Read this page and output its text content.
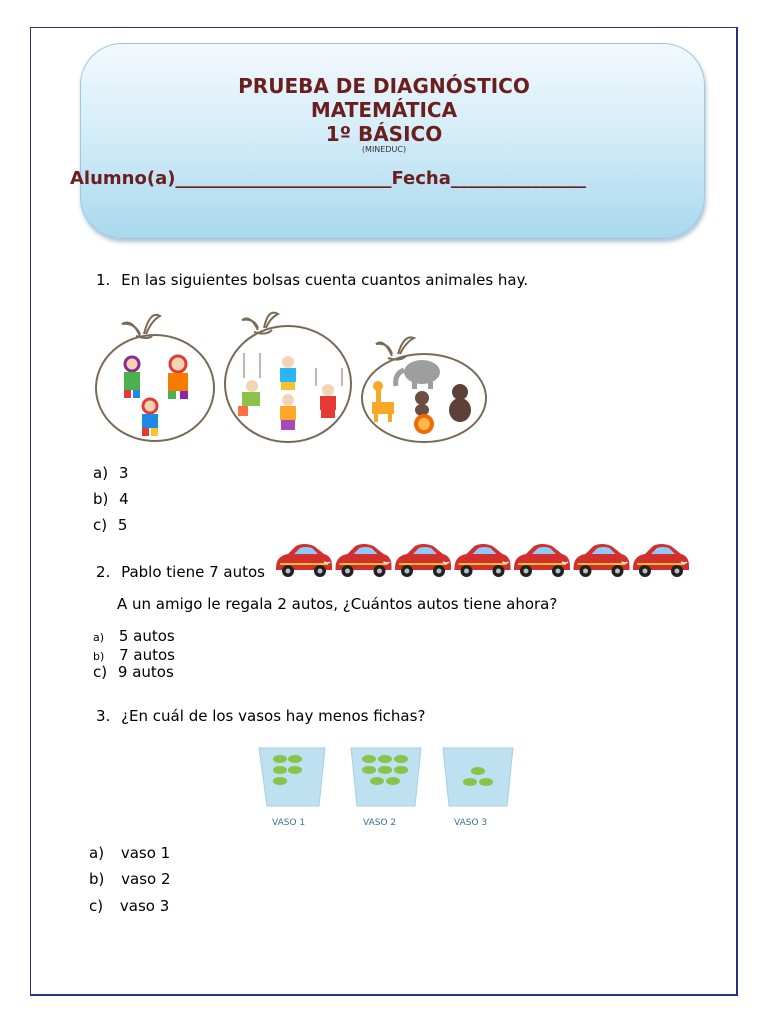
PRUEBA DE DIAGNÓSTICO
MATEMÁTICA
1º BÁSICO
(MINEDUC)
Alumno(a)________________________Fecha_______________
1. En las siguientes bolsas cuenta cuantos animales hay.
a) 3
b) 4
c) 5
2. Pablo tiene 7 autos
A un amigo le regala 2 autos, ¿Cuántos autos tiene ahora?
a) 5 autos
b) 7 autos
c) 9 autos
3. ¿En cuál de los vasos hay menos fichas?
VASO 1	VASO 2	VASO 3
a) vaso 1
b) vaso 2
c) vaso 3
